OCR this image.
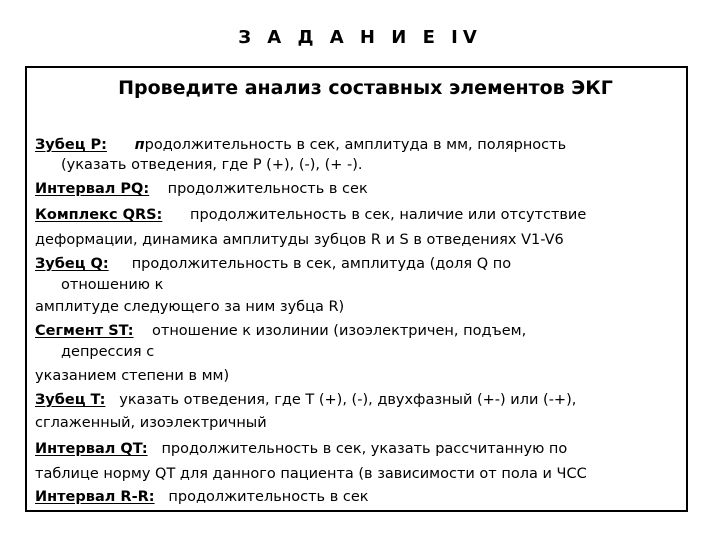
З А Д А Н И Е IV
Проведите анализ составных элементов ЭКГ
Зубец P: продолжительность в сек, амплитуда в мм, полярность
(указать отведения, где P (+), (-), (+ -).
Интервал PQ: продолжительность в сек
Комплекс QRS: продолжительность в сек, наличие или отсутствие
деформации, динамика амплитуды зубцов R и S в отведениях V1-V6
Зубец Q: продолжительность в сек, амплитуда (доля Q по
отношению к
амплитуде следующего за ним зубца R)
Сегмент ST: отношение к изолинии (изоэлектричен, подъем,
депрессия с
указанием степени в мм)
Зубец T: указать отведения, где T (+), (-), двухфазный (+-) или (-+),
сглаженный, изоэлектричный
Интервал QT: продолжительность в сек, указать рассчитанную по
таблице норму QT для данного пациента (в зависимости от пола и ЧСС
Интервал R-R: продолжительность в сек
